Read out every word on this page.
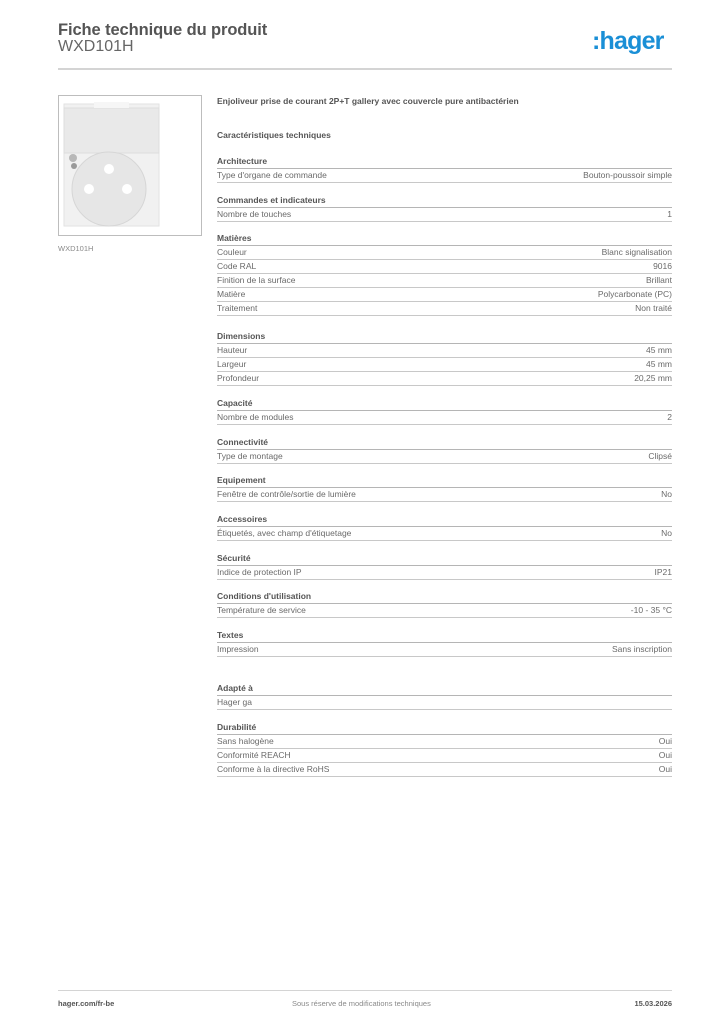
Fiche technique du produit
WXD101H	:hager
WXD101H
Enjoliveur prise de courant 2P+T gallery avec couvercle pure antibactérien
Caractéristiques techniques
Architecture
Type d'organe de commande	Bouton-poussoir simple
Commandes et indicateurs
Nombre de touches	1
Matières
Couleur	Blanc signalisation
Code RAL	9016
Finition de la surface	Brillant
Matière	Polycarbonate (PC)
Traitement	Non traité
Dimensions
Hauteur	45 mm
Largeur	45 mm
Profondeur	20,25 mm
Capacité
Nombre de modules	2
Connectivité
Type de montage	Clipsé
Equipement
Fenêtre de contrôle/sortie de lumière	No
Accessoires
Étiquetés, avec champ d'étiquetage	No
Sécurité
Indice de protection IP	IP21
Conditions d'utilisation
Température de service	-10 - 35 °C
Textes
Impression	Sans inscription
Adapté à
Hager ga
Durabilité
Sans halogène	Oui
Conformité REACH	Oui
Conforme à la directive RoHS	Oui
hager.com/fr-be	Sous réserve de modifications techniques	15.03.2026
